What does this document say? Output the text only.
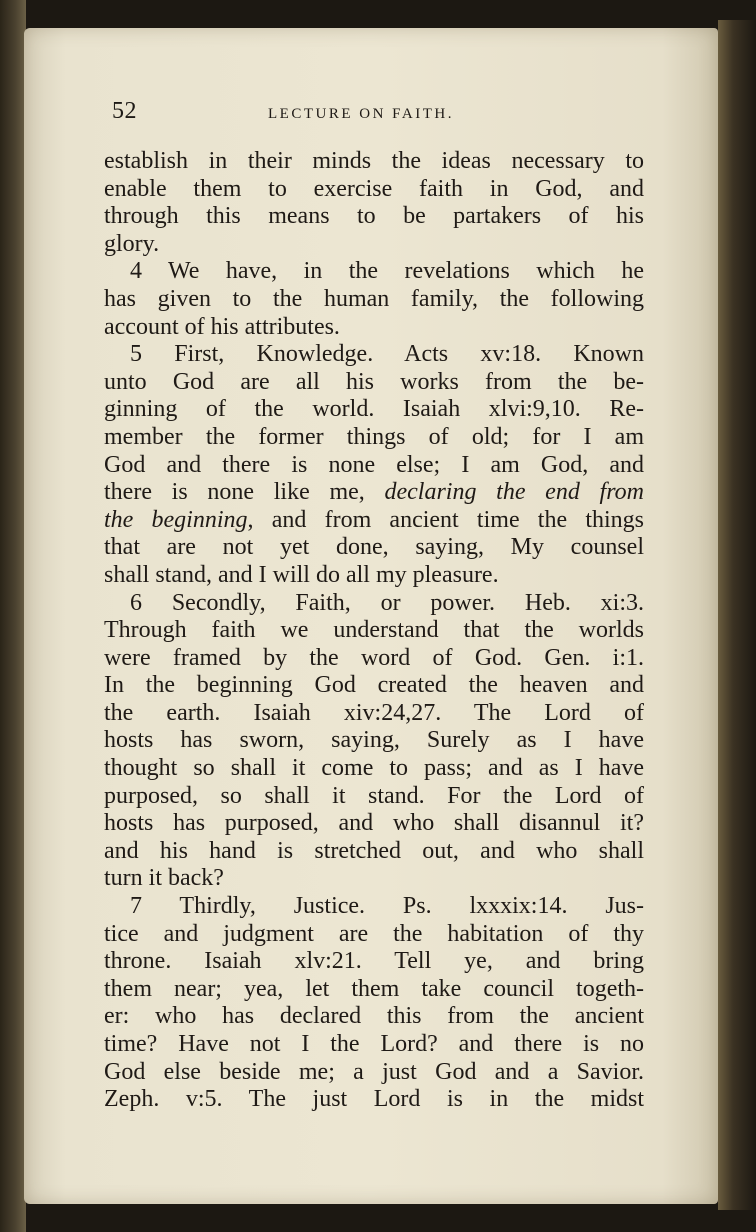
52	LECTURE ON FAITH.
establish in their minds the ideas necessary to
enable them to exercise faith in God, and
through this means to be partakers of his
glory.
4 We have, in the revelations which he
has given to the human family, the following
account of his attributes.
5 First, Knowledge. Acts xv:18. Known
unto God are all his works from the be-
ginning of the world. Isaiah xlvi:9,10. Re-
member the former things of old; for I am
God and there is none else; I am God, and
there is none like me, declaring the end from
the beginning, and from ancient time the things
that are not yet done, saying, My counsel
shall stand, and I will do all my pleasure.
6 Secondly, Faith, or power. Heb. xi:3.
Through faith we understand that the worlds
were framed by the word of God. Gen. i:1.
In the beginning God created the heaven and
the earth. Isaiah xiv:24,27. The Lord of
hosts has sworn, saying, Surely as I have
thought so shall it come to pass; and as I have
purposed, so shall it stand. For the Lord of
hosts has purposed, and who shall disannul it?
and his hand is stretched out, and who shall
turn it back?
7 Thirdly, Justice. Ps. lxxxix:14. Jus-
tice and judgment are the habitation of thy
throne. Isaiah xlv:21. Tell ye, and bring
them near; yea, let them take council togeth-
er: who has declared this from the ancient
time? Have not I the Lord? and there is no
God else beside me; a just God and a Savior.
Zeph. v:5. The just Lord is in the midst
